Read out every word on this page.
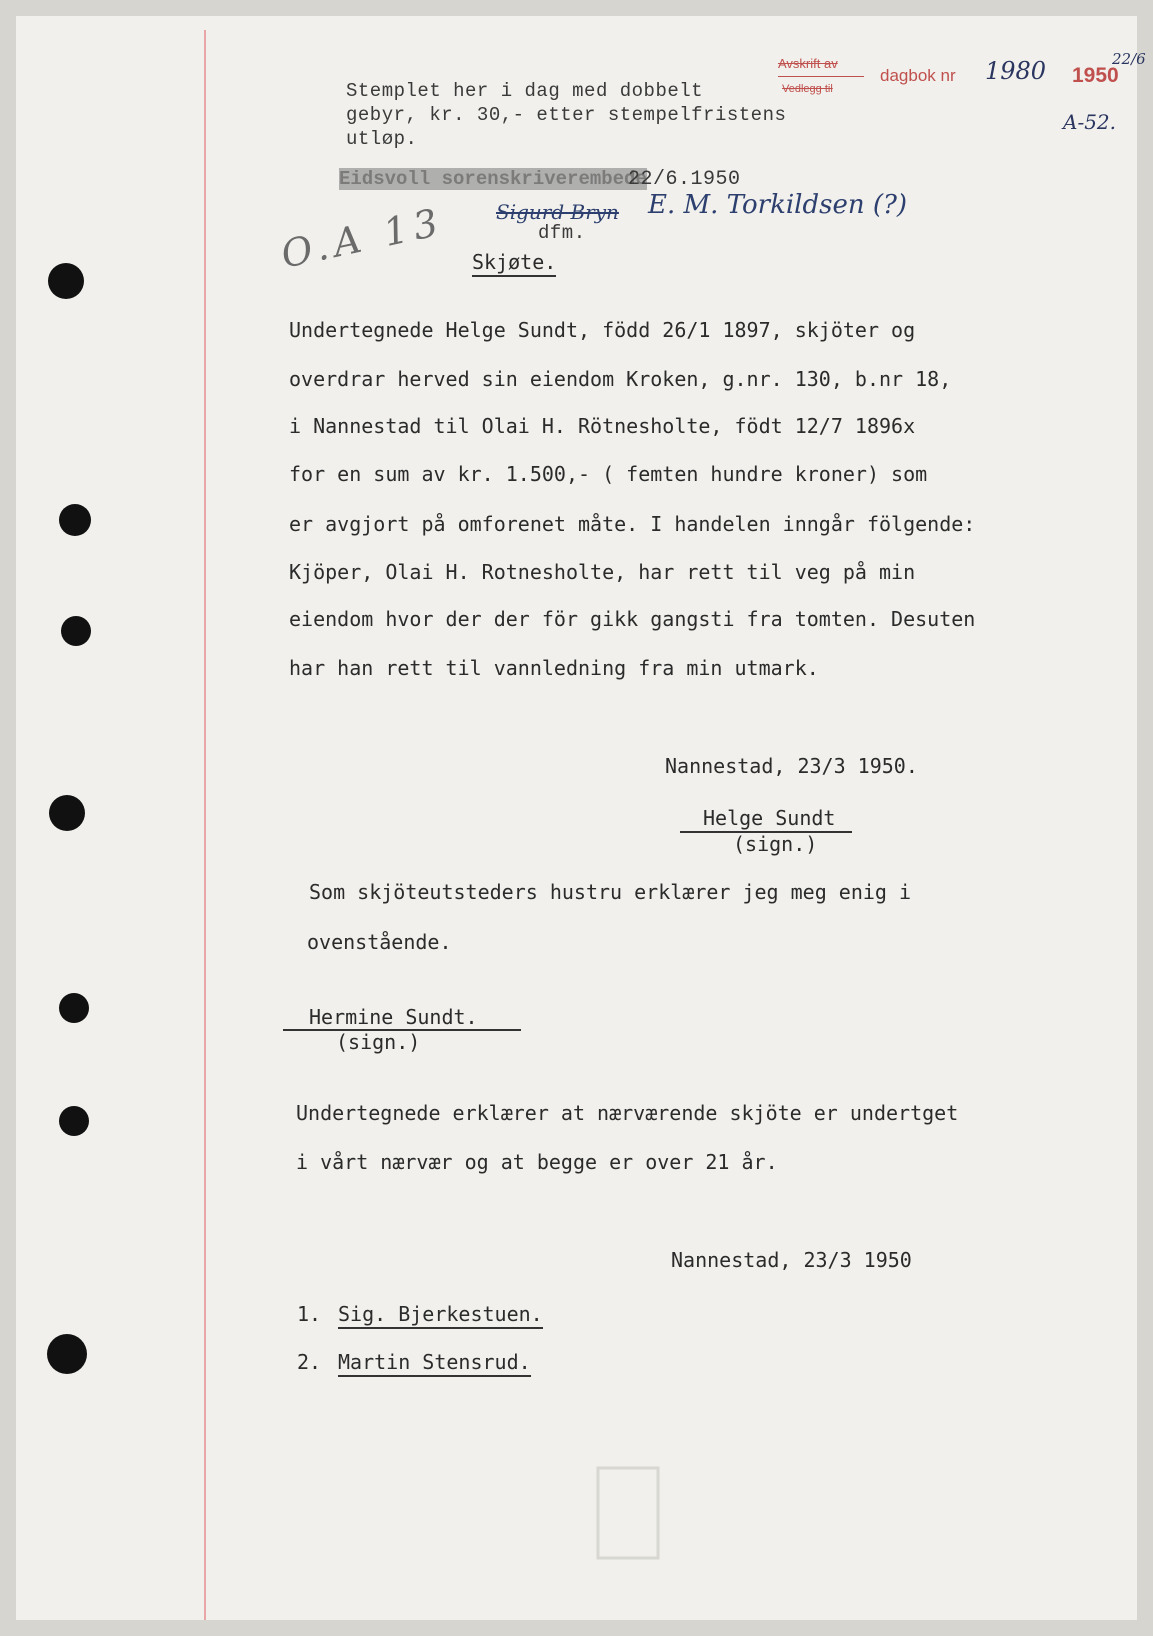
Avskrift av
Vedlegg til
dagbok nr 1980 1950
22/6
A-52.
Stemplet her i dag med dobbelt
gebyr, kr. 30,- etter stempelfristens
utløp.
Eidsvoll sorenskriverembede
22/6.1950
Sigurd Bryn E. M. Torkildsen (?)
dfm.
O.A 13 Skjøte.
Undertegnede Helge Sundt, född 26/1 1897, skjöter og
overdrar herved sin eiendom Kroken, g.nr. 130, b.nr 18,
i Nannestad til Olai H. Rötnesholte, födt 12/7 1896x
for en sum av kr. 1.500,- ( femten hundre kroner) som
er avgjort på omforenet måte. I handelen inngår fölgende:
Kjöper, Olai H. Rotnesholte, har rett til veg på min
eiendom hvor der der för gikk gangsti fra tomten. Desuten
har han rett til vannledning fra min utmark.
Nannestad, 23/3 1950.
Helge Sundt
(sign.)
Som skjöteutsteders hustru erklærer jeg meg enig i
ovenstående.
Hermine Sundt.
(sign.)
Undertegnede erklærer at nærværende skjöte er undertget
i vårt nærvær og at begge er over 21 år.
Nannestad, 23/3 1950
1. Sig. Bjerkestuen.
2. Martin Stensrud.
